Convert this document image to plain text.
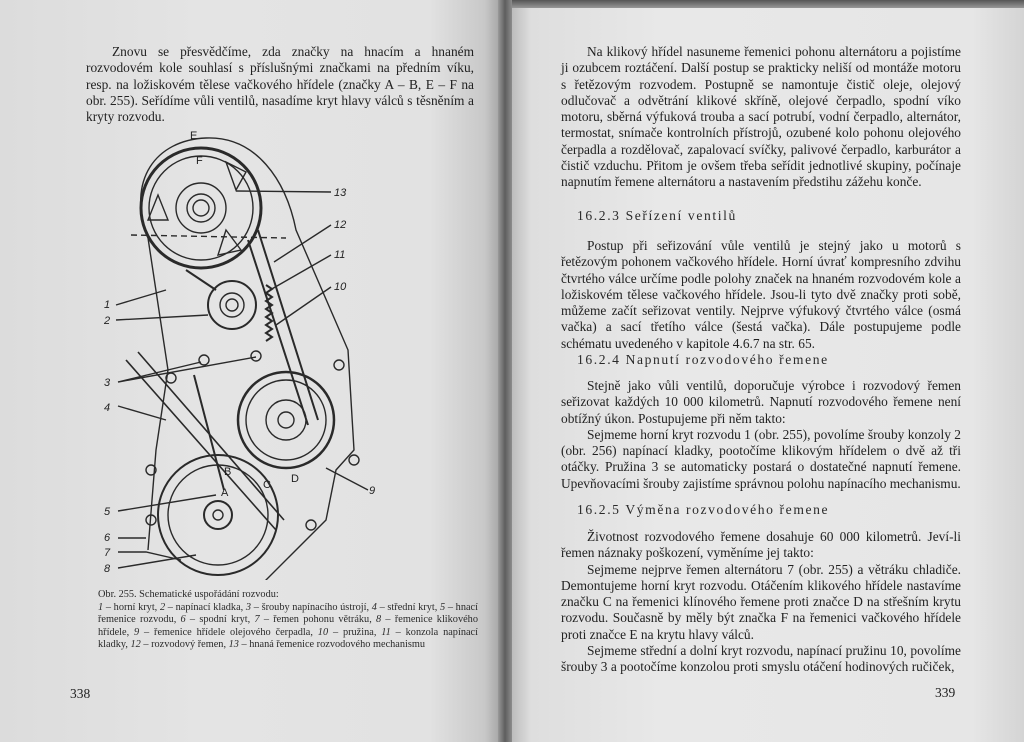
Znovu se přesvědčíme, zda značky na hnacím a hnaném rozvodovém kole souhlasí s příslušnými značkami na předním víku, resp. na ložiskovém tělese vačkového hřídele (značky A – B, E – F na obr. 255). Seřídíme vůli ventilů, nasadíme kryt hlavy válců s těsněním a kryty rozvodu.

E
F
A
B
C D
1
2
3
4
5
6
7
8
9
10
11
12
13
Obr. 255. Schematické uspořádání rozvodu:
1 – horní kryt, 2 – napínací kladka, 3 – šrouby napínacího ústrojí, 4 – střední kryt, 5 – hnací řemenice rozvodu, 6 – spodní kryt, 7 – řemen pohonu větráku, 8 – řemenice klikového hřídele, 9 – řemenice hřídele olejového čerpadla, 10 – pružina, 11 – konzola napínací kladky, 12 – rozvodový řemen, 13 – hnaná řemenice rozvodového mechanismu
338

Na klikový hřídel nasuneme řemenici pohonu alternátoru a pojistíme ji ozubcem roztáčení. Další postup se prakticky neliší od montáže motoru s řetězovým rozvodem. Postupně se namontuje čistič oleje, olejový odlučovač a odvětrání klikové skříně, olejové čerpadlo, spodní víko motoru, sběrná výfuková trouba a sací potrubí, vodní čerpadlo, alternátor, termostat, snímače kontrolních přístrojů, ozubené kolo pohonu olejového čerpadla a rozdělovač, zapalovací svíčky, palivové čerpadlo, karburátor a čistič vzduchu. Přitom je ovšem třeba seřídit jednotlivé skupiny, počínaje napnutím řemene alternátoru a nastavením předstihu zážehu konče.

16.2.3 Seřízení ventilů

Postup při seřizování vůle ventilů je stejný jako u motorů s řetězovým pohonem vačkového hřídele. Horní úvrať kompresního zdvihu čtvrtého válce určíme podle polohy značek na hnaném rozvodovém kole a ložiskovém tělese vačkového hřídele. Jsou-li tyto dvě značky proti sobě, můžeme začít seřizovat ventily. Nejprve výfukový čtvrtého válce (osmá vačka) a sací třetího válce (šestá vačka). Dále postupujeme podle schématu uvedeného v kapitole 4.6.7 na str. 65.

16.2.4 Napnutí rozvodového řemene

Stejně jako vůli ventilů, doporučuje výrobce i rozvodový řemen seřizovat každých 10 000 kilometrů. Napnutí rozvodového řemene není obtížný úkon. Postupujeme při něm takto:

Sejmeme horní kryt rozvodu 1 (obr. 255), povolíme šrouby konzoly 2 (obr. 256) napínací kladky, pootočíme klikovým hřídelem o dvě až tři otáčky. Pružina 3 se automaticky postará o dostatečné napnutí řemene. Upevňovacími šrouby zajistíme správnou polohu napínacího mechanismu.

16.2.5 Výměna rozvodového řemene

Životnost rozvodového řemene dosahuje 60 000 kilometrů. Jeví-li řemen náznaky poškození, vyměníme jej takto:

Sejmeme nejprve řemen alternátoru 7 (obr. 255) a větráku chladiče. Demontujeme horní kryt rozvodu. Otáčením klikového hřídele nastavíme značku C na řemenici klínového řemene proti značce D na střešním krytu rozvodu. Současně by měly být značka F na řemenici vačkového hřídele proti značce E na krytu hlavy válců.

Sejmeme střední a dolní kryt rozvodu, napínací pružinu 10, povolíme šrouby 3 a pootočíme konzolou proti smyslu otáčení hodinových ručiček,

339
